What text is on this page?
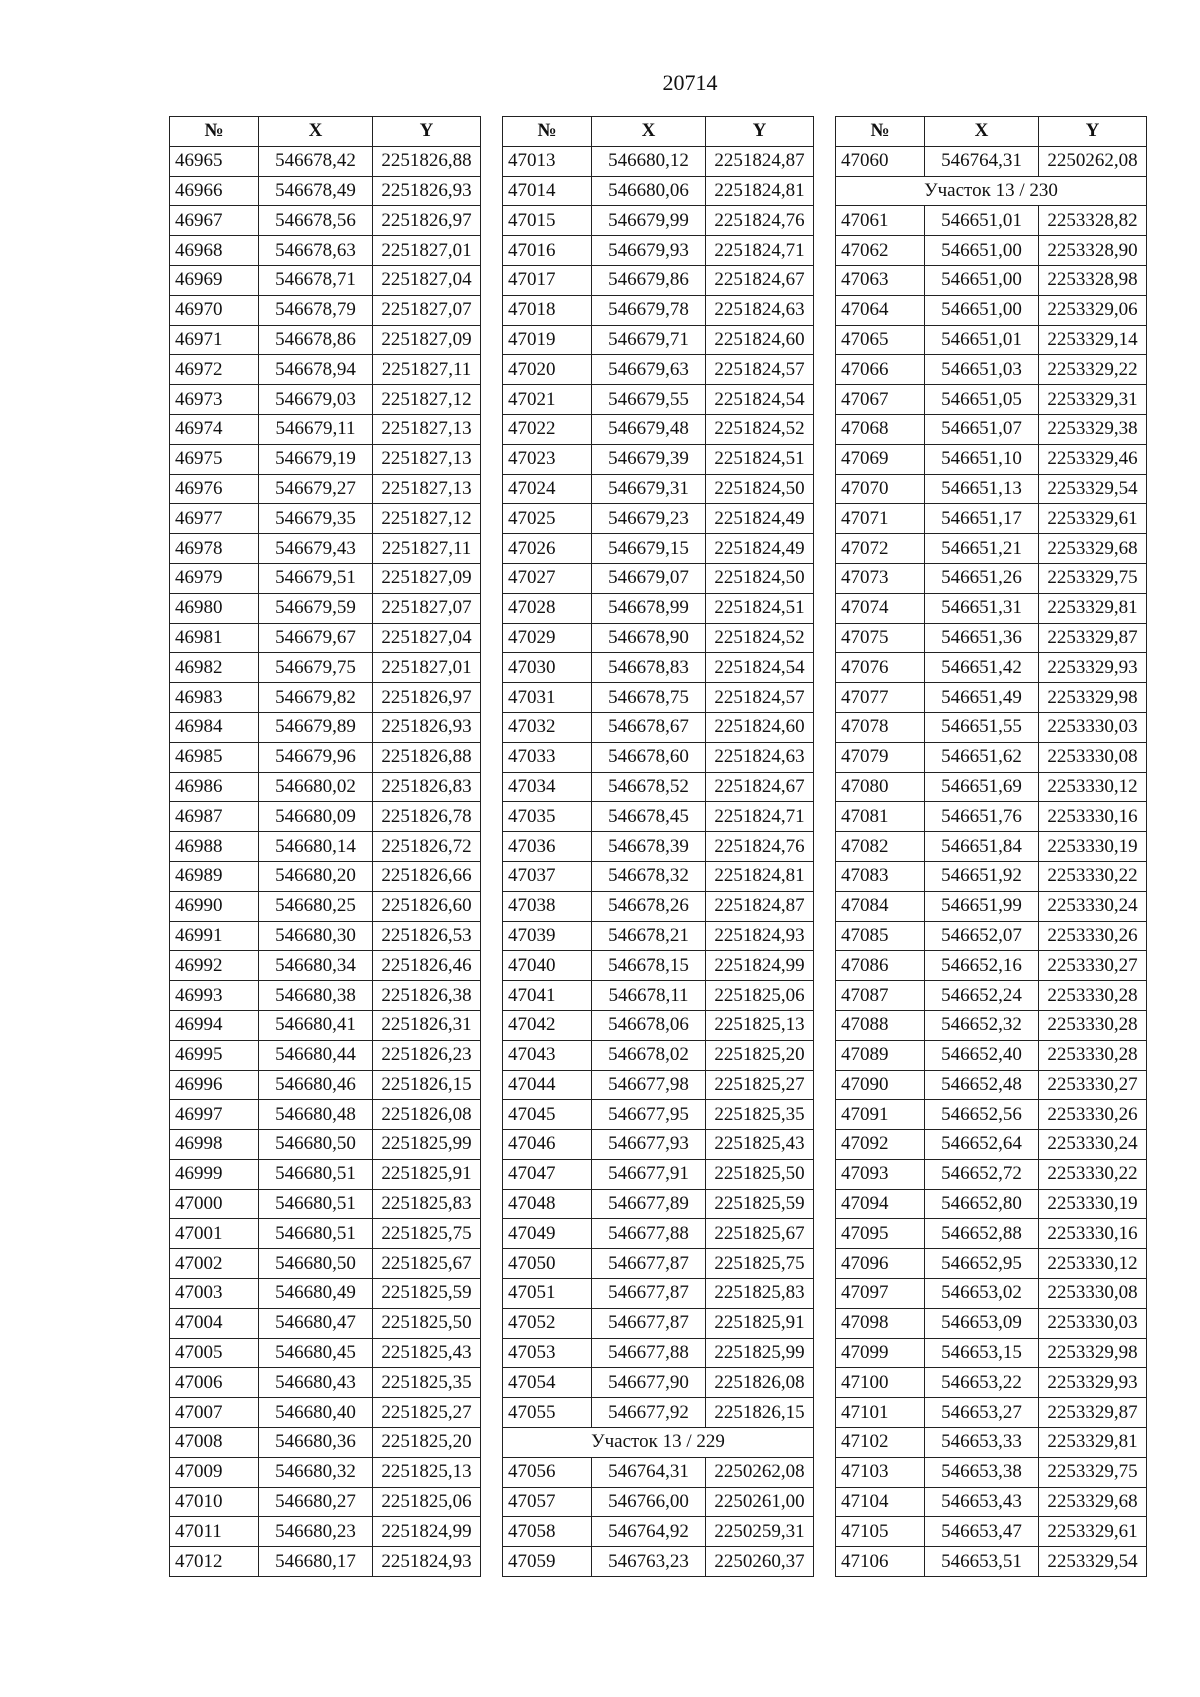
20714
№	X	Y
46965	546678,42	2251826,88
46966	546678,49	2251826,93
46967	546678,56	2251826,97
46968	546678,63	2251827,01
46969	546678,71	2251827,04
46970	546678,79	2251827,07
46971	546678,86	2251827,09
46972	546678,94	2251827,11
46973	546679,03	2251827,12
46974	546679,11	2251827,13
46975	546679,19	2251827,13
46976	546679,27	2251827,13
46977	546679,35	2251827,12
46978	546679,43	2251827,11
46979	546679,51	2251827,09
46980	546679,59	2251827,07
46981	546679,67	2251827,04
46982	546679,75	2251827,01
46983	546679,82	2251826,97
46984	546679,89	2251826,93
46985	546679,96	2251826,88
46986	546680,02	2251826,83
46987	546680,09	2251826,78
46988	546680,14	2251826,72
46989	546680,20	2251826,66
46990	546680,25	2251826,60
46991	546680,30	2251826,53
46992	546680,34	2251826,46
46993	546680,38	2251826,38
46994	546680,41	2251826,31
46995	546680,44	2251826,23
46996	546680,46	2251826,15
46997	546680,48	2251826,08
46998	546680,50	2251825,99
46999	546680,51	2251825,91
47000	546680,51	2251825,83
47001	546680,51	2251825,75
47002	546680,50	2251825,67
47003	546680,49	2251825,59
47004	546680,47	2251825,50
47005	546680,45	2251825,43
47006	546680,43	2251825,35
47007	546680,40	2251825,27
47008	546680,36	2251825,20
47009	546680,32	2251825,13
47010	546680,27	2251825,06
47011	546680,23	2251824,99
47012	546680,17	2251824,93
№	X	Y
47013	546680,12	2251824,87
47014	546680,06	2251824,81
47015	546679,99	2251824,76
47016	546679,93	2251824,71
47017	546679,86	2251824,67
47018	546679,78	2251824,63
47019	546679,71	2251824,60
47020	546679,63	2251824,57
47021	546679,55	2251824,54
47022	546679,48	2251824,52
47023	546679,39	2251824,51
47024	546679,31	2251824,50
47025	546679,23	2251824,49
47026	546679,15	2251824,49
47027	546679,07	2251824,50
47028	546678,99	2251824,51
47029	546678,90	2251824,52
47030	546678,83	2251824,54
47031	546678,75	2251824,57
47032	546678,67	2251824,60
47033	546678,60	2251824,63
47034	546678,52	2251824,67
47035	546678,45	2251824,71
47036	546678,39	2251824,76
47037	546678,32	2251824,81
47038	546678,26	2251824,87
47039	546678,21	2251824,93
47040	546678,15	2251824,99
47041	546678,11	2251825,06
47042	546678,06	2251825,13
47043	546678,02	2251825,20
47044	546677,98	2251825,27
47045	546677,95	2251825,35
47046	546677,93	2251825,43
47047	546677,91	2251825,50
47048	546677,89	2251825,59
47049	546677,88	2251825,67
47050	546677,87	2251825,75
47051	546677,87	2251825,83
47052	546677,87	2251825,91
47053	546677,88	2251825,99
47054	546677,90	2251826,08
47055	546677,92	2251826,15
Участок 13 / 229		
47056	546764,31	2250262,08
47057	546766,00	2250261,00
47058	546764,92	2250259,31
47059	546763,23	2250260,37
№	X	Y
47060	546764,31	2250262,08
Участок 13 / 230		
47061	546651,01	2253328,82
47062	546651,00	2253328,90
47063	546651,00	2253328,98
47064	546651,00	2253329,06
47065	546651,01	2253329,14
47066	546651,03	2253329,22
47067	546651,05	2253329,31
47068	546651,07	2253329,38
47069	546651,10	2253329,46
47070	546651,13	2253329,54
47071	546651,17	2253329,61
47072	546651,21	2253329,68
47073	546651,26	2253329,75
47074	546651,31	2253329,81
47075	546651,36	2253329,87
47076	546651,42	2253329,93
47077	546651,49	2253329,98
47078	546651,55	2253330,03
47079	546651,62	2253330,08
47080	546651,69	2253330,12
47081	546651,76	2253330,16
47082	546651,84	2253330,19
47083	546651,92	2253330,22
47084	546651,99	2253330,24
47085	546652,07	2253330,26
47086	546652,16	2253330,27
47087	546652,24	2253330,28
47088	546652,32	2253330,28
47089	546652,40	2253330,28
47090	546652,48	2253330,27
47091	546652,56	2253330,26
47092	546652,64	2253330,24
47093	546652,72	2253330,22
47094	546652,80	2253330,19
47095	546652,88	2253330,16
47096	546652,95	2253330,12
47097	546653,02	2253330,08
47098	546653,09	2253330,03
47099	546653,15	2253329,98
47100	546653,22	2253329,93
47101	546653,27	2253329,87
47102	546653,33	2253329,81
47103	546653,38	2253329,75
47104	546653,43	2253329,68
47105	546653,47	2253329,61
47106	546653,51	2253329,54
